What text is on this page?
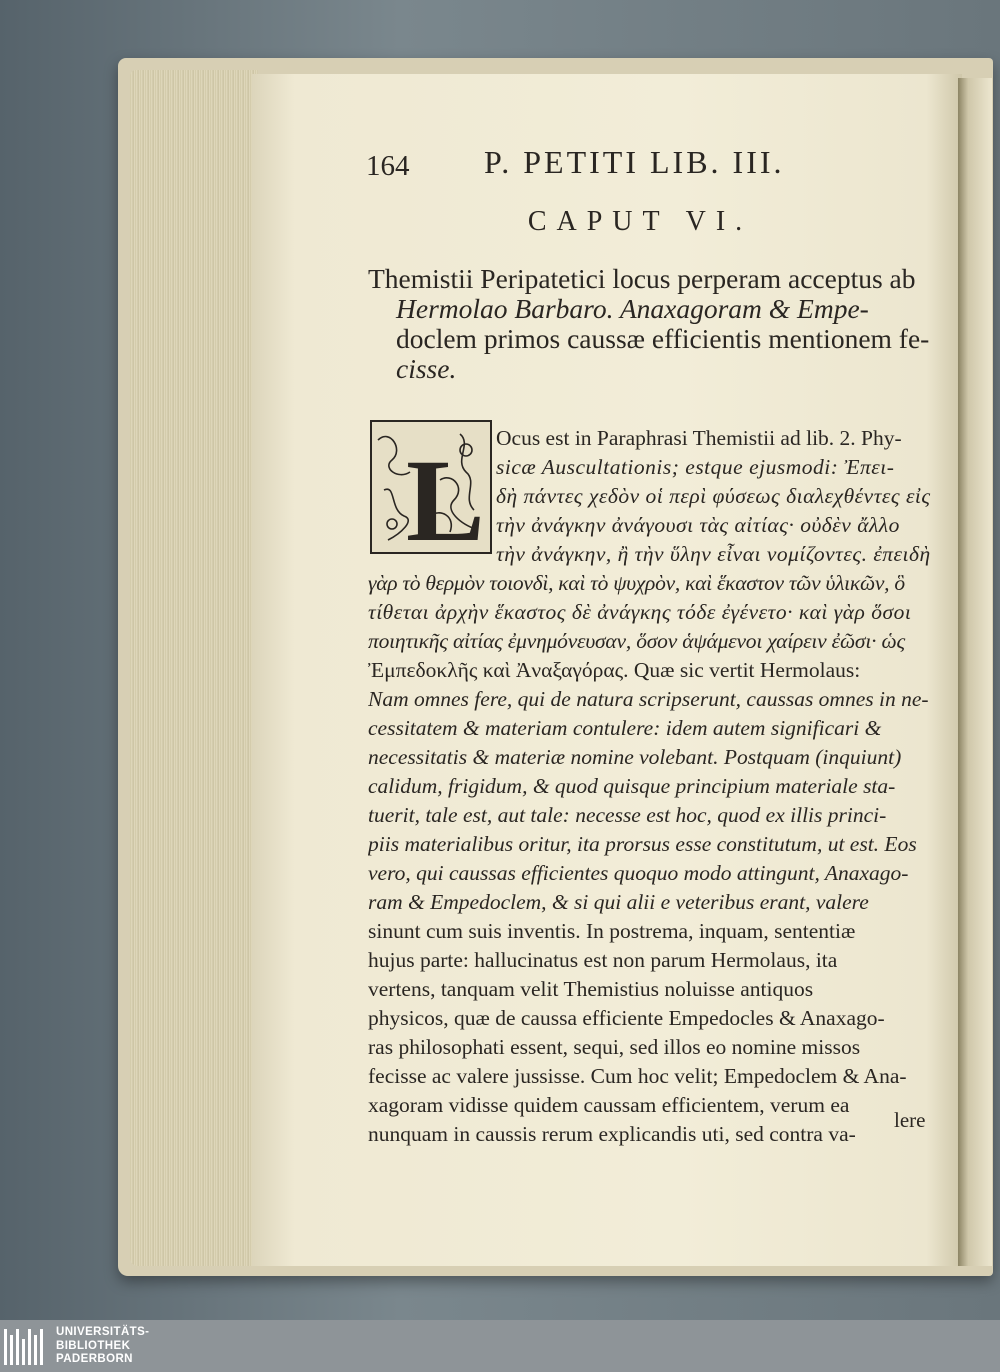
164 P. PETITI LIB. III.
CAPUT VI.
Themistii Peripatetici locus perperam acceptus ab
Hermolao Barbaro. Anaxagoram & Empe-
doclem primos caussæ efficientis mentionem fe-
cisse.
L Ocus est in Paraphrasi Themistii ad lib. 2. Phy-
sicæ Auscultationis; estque ejusmodi: Ἐπει-
δὴ πάντες χεδὸν οἱ περὶ φύσεως διαλεχθέντες εἰς
τὴν ἀνάγκην ἀνάγουσι τὰς αἰτίας· οὐδὲν ἄλλο
τὴν ἀνάγκην, ἢ τὴν ὕλην εἶναι νομίζοντες. ἐπειδὴ
γὰρ τὸ θερμὸν τοιονδὶ, καὶ τὸ ψυχρὸν, καὶ ἕκαστον τῶν ὑλικῶν, ὃ
τίθεται ἀρχὴν ἕκαστος δὲ ἀνάγκης τόδε ἐγένετο· καὶ γὰρ ὅσοι
ποιητικῆς αἰτίας ἐμνημόνευσαν, ὅσον ἁψάμενοι χαίρειν ἐῶσι· ὡς
Ἐμπεδοκλῆς καὶ Ἀναξαγόρας. Quæ sic vertit Hermolaus:
Nam omnes fere, qui de natura scripserunt, caussas omnes in ne-
cessitatem & materiam contulere: idem autem significari &
necessitatis & materiæ nomine volebant. Postquam (inquiunt)
calidum, frigidum, & quod quisque principium materiale sta-
tuerit, tale est, aut tale: necesse est hoc, quod ex illis princi-
piis materialibus oritur, ita prorsus esse constitutum, ut est. Eos
vero, qui caussas efficientes quoquo modo attingunt, Anaxago-
ram & Empedoclem, & si qui alii e veteribus erant, valere
sinunt cum suis inventis. In postrema, inquam, sententiæ
hujus parte: hallucinatus est non parum Hermolaus, ita
vertens, tanquam velit Themistius noluisse antiquos
physicos, quæ de caussa efficiente Empedocles & Anaxago-
ras philosophati essent, sequi, sed illos eo nomine missos
fecisse ac valere jussisse. Cum hoc velit; Empedoclem & Ana-
xagoram vidisse quidem caussam efficientem, verum ea
nunquam in caussis rerum explicandis uti, sed contra va-
lere
UNIVERSITÄTS-
BIBLIOTHEK
PADERBORN
